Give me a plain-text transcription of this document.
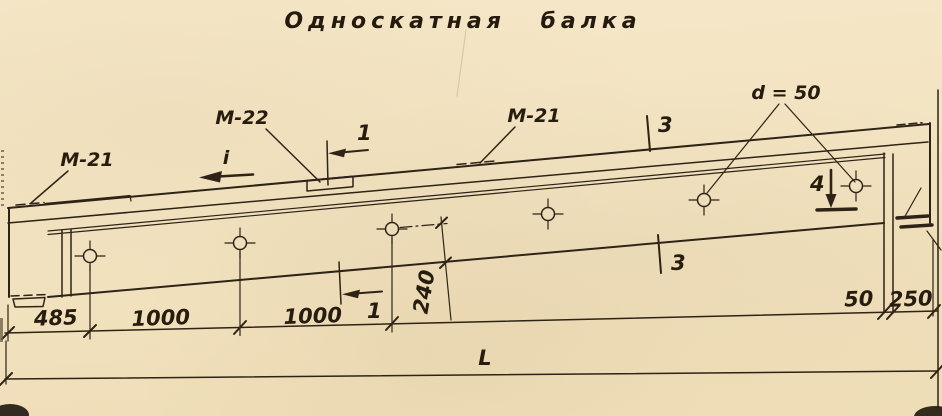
Односкатная балка
М-21
М-22	М-21
i
d = 50
1
1
3
3
4
240
485	1000	1000
50 250
L
